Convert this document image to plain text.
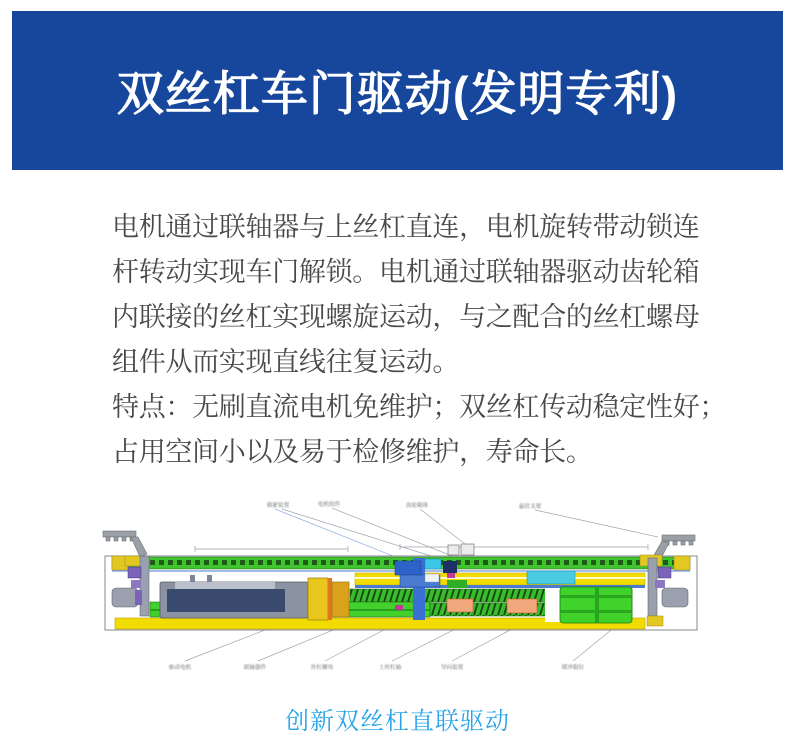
双丝杠车门驱动(发明专利)
电机通过联轴器与上丝杠直连，电机旋转带动锁连
杆转动实现车门解锁。电机通过联轴器驱动齿轮箱
内联接的丝杠实现螺旋运动，与之配合的丝杠螺母
组件从而实现直线往复运动。
特点：无刷直流电机免维护；双丝杠传动稳定性好；
占用空间小以及易于检修维护，寿命长。
锁紧装置	电机组件	齿轮箱体	悬挂支架
驱动电机	联轴器件	丝杠螺母	上丝杠轴	导向装置	缓冲限位
创新双丝杠直联驱动
